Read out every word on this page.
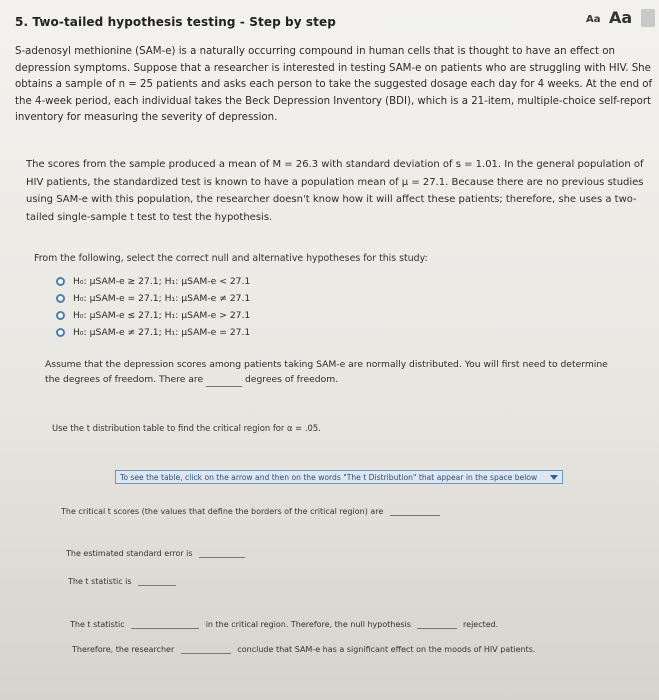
5. Two-tailed hypothesis testing - Step by step	Aa Aa
S-adenosyl methionine (SAM-e) is a naturally occurring compound in human cells that is thought to have an effect on depression symptoms. Suppose that a researcher is interested in testing SAM-e on patients who are struggling with HIV. She obtains a sample of n = 25 patients and asks each person to take the suggested dosage each day for 4 weeks. At the end of the 4-week period, each individual takes the Beck Depression Inventory (BDI), which is a 21-item, multiple-choice self-report inventory for measuring the severity of depression.
The scores from the sample produced a mean of M = 26.3 with standard deviation of s = 1.01. In the general population of HIV patients, the standardized test is known to have a population mean of μ = 27.1. Because there are no previous studies using SAM-e with this population, the researcher doesn't know how it will affect these patients; therefore, she uses a two-tailed single-sample t test to test the hypothesis.
From the following, select the correct null and alternative hypotheses for this study:
H₀: μSAM-e ≥ 27.1; H₁: μSAM-e < 27.1
H₀: μSAM-e = 27.1; H₁: μSAM-e ≠ 27.1
H₀: μSAM-e ≤ 27.1; H₁: μSAM-e > 27.1
H₀: μSAM-e ≠ 27.1; H₁: μSAM-e = 27.1
Assume that the depression scores among patients taking SAM-e are normally distributed. You will first need to determine the degrees of freedom. There are	degrees of freedom.
Use the t distribution table to find the critical region for α = .05.
To see the table, click on the arrow and then on the words "The t Distribution" that appear in the space below
The critical t scores (the values that define the borders of the critical region) are
The estimated standard error is
The t statistic is
The t statistic	in the critical region. Therefore, the null hypothesis	rejected.
Therefore, the researcher	conclude that SAM-e has a significant effect on the moods of HIV patients.
